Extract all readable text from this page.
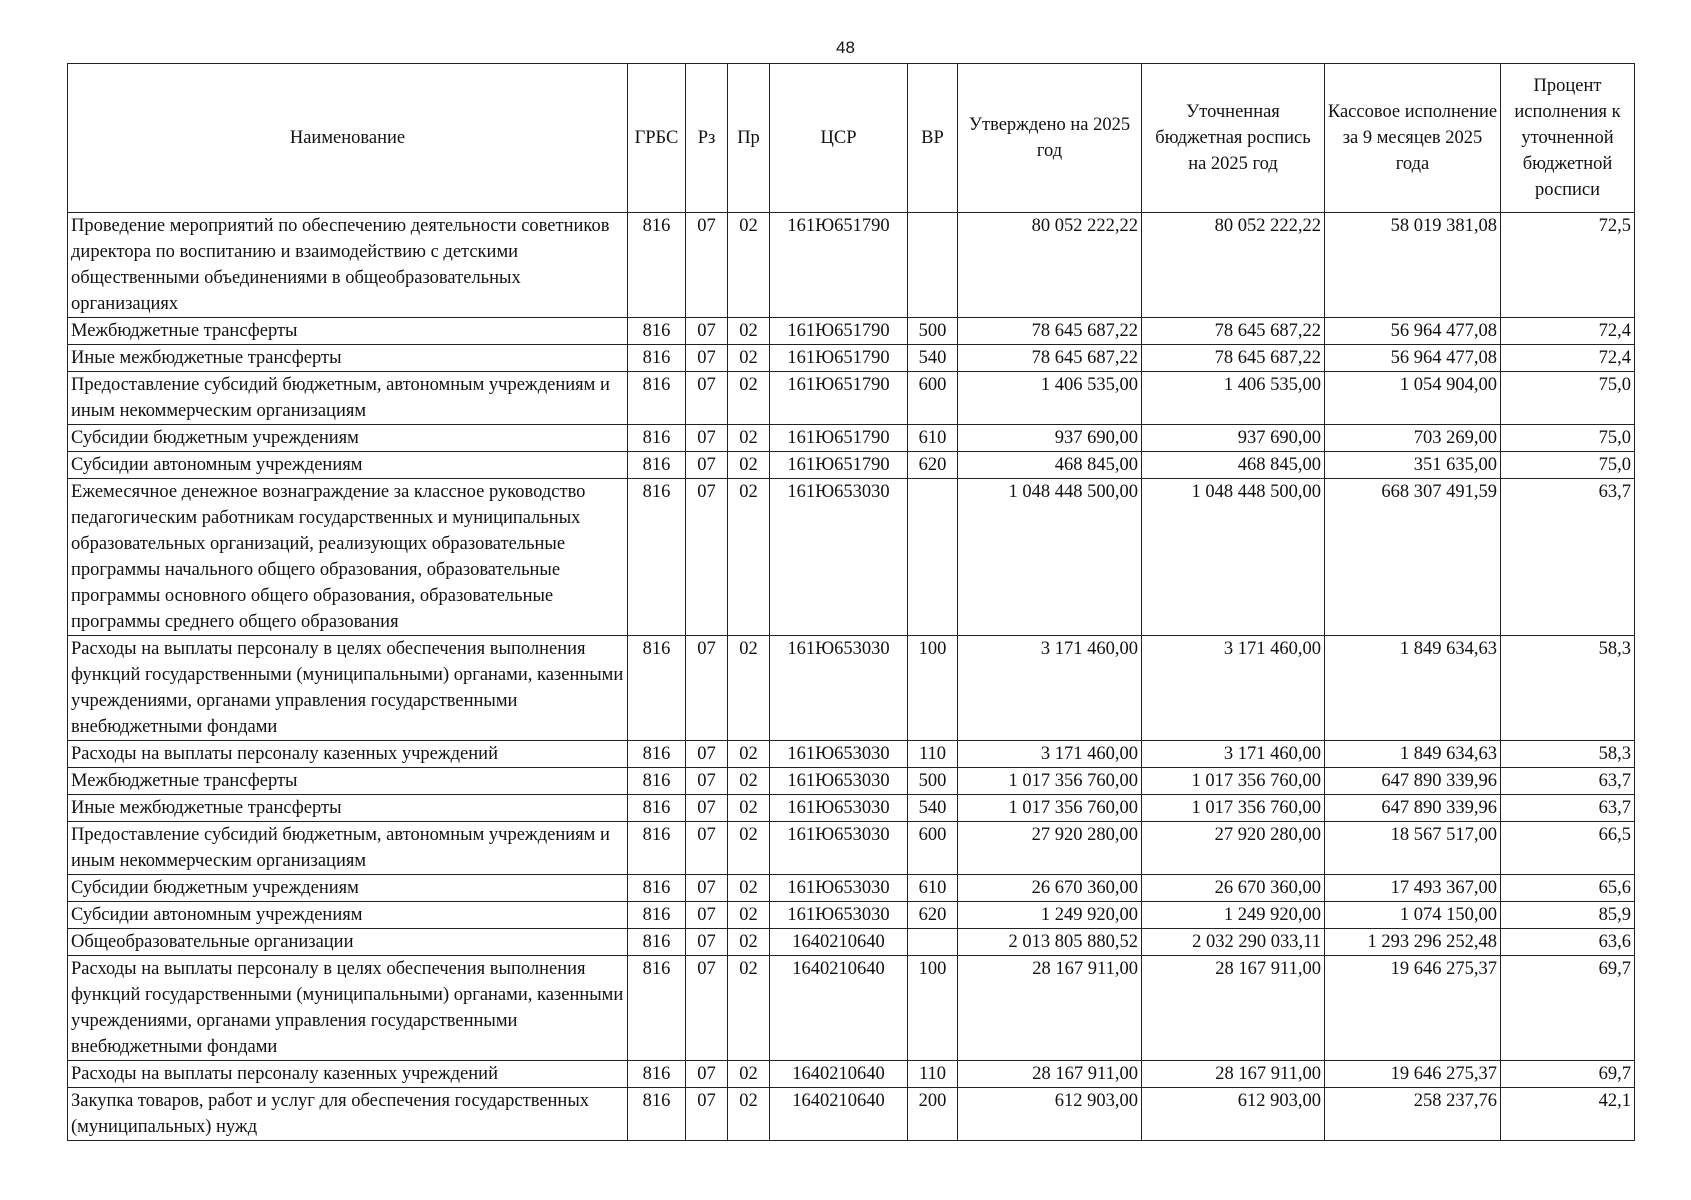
48
Наименование	ГРБС	Рз	Пр	ЦСР	ВР	Утверждено на 2025 год	Уточненная бюджетная роспись на 2025 год	Кассовое исполнение за 9 месяцев 2025 года	Процент исполнения к уточненной бюджетной росписи
Проведение мероприятий по обеспечению деятельности советников директора по воспитанию и взаимодействию с детскими общественными объединениями в общеобразовательных организациях	816	07	02	161Ю651790		80 052 222,22	80 052 222,22	58 019 381,08	72,5
Межбюджетные трансферты	816	07	02	161Ю651790	500	78 645 687,22	78 645 687,22	56 964 477,08	72,4
Иные межбюджетные трансферты	816	07	02	161Ю651790	540	78 645 687,22	78 645 687,22	56 964 477,08	72,4
Предоставление субсидий бюджетным, автономным учреждениям и иным некоммерческим организациям	816	07	02	161Ю651790	600	1 406 535,00	1 406 535,00	1 054 904,00	75,0
Субсидии бюджетным учреждениям	816	07	02	161Ю651790	610	937 690,00	937 690,00	703 269,00	75,0
Субсидии автономным учреждениям	816	07	02	161Ю651790	620	468 845,00	468 845,00	351 635,00	75,0
Ежемесячное денежное вознаграждение за классное руководство педагогическим работникам государственных и муниципальных образовательных организаций, реализующих образовательные программы начального общего образования, образовательные программы основного общего образования, образовательные программы среднего общего образования	816	07	02	161Ю653030		1 048 448 500,00	1 048 448 500,00	668 307 491,59	63,7
Расходы на выплаты персоналу в целях обеспечения выполнения функций государственными (муниципальными) органами, казенными учреждениями, органами управления государственными внебюджетными фондами	816	07	02	161Ю653030	100	3 171 460,00	3 171 460,00	1 849 634,63	58,3
Расходы на выплаты персоналу казенных учреждений	816	07	02	161Ю653030	110	3 171 460,00	3 171 460,00	1 849 634,63	58,3
Межбюджетные трансферты	816	07	02	161Ю653030	500	1 017 356 760,00	1 017 356 760,00	647 890 339,96	63,7
Иные межбюджетные трансферты	816	07	02	161Ю653030	540	1 017 356 760,00	1 017 356 760,00	647 890 339,96	63,7
Предоставление субсидий бюджетным, автономным учреждениям и иным некоммерческим организациям	816	07	02	161Ю653030	600	27 920 280,00	27 920 280,00	18 567 517,00	66,5
Субсидии бюджетным учреждениям	816	07	02	161Ю653030	610	26 670 360,00	26 670 360,00	17 493 367,00	65,6
Субсидии автономным учреждениям	816	07	02	161Ю653030	620	1 249 920,00	1 249 920,00	1 074 150,00	85,9
Общеобразовательные организации	816	07	02	1640210640		2 013 805 880,52	2 032 290 033,11	1 293 296 252,48	63,6
Расходы на выплаты персоналу в целях обеспечения выполнения функций государственными (муниципальными) органами, казенными учреждениями, органами управления государственными внебюджетными фондами	816	07	02	1640210640	100	28 167 911,00	28 167 911,00	19 646 275,37	69,7
Расходы на выплаты персоналу казенных учреждений	816	07	02	1640210640	110	28 167 911,00	28 167 911,00	19 646 275,37	69,7
Закупка товаров, работ и услуг для обеспечения государственных (муниципальных) нужд	816	07	02	1640210640	200	612 903,00	612 903,00	258 237,76	42,1
